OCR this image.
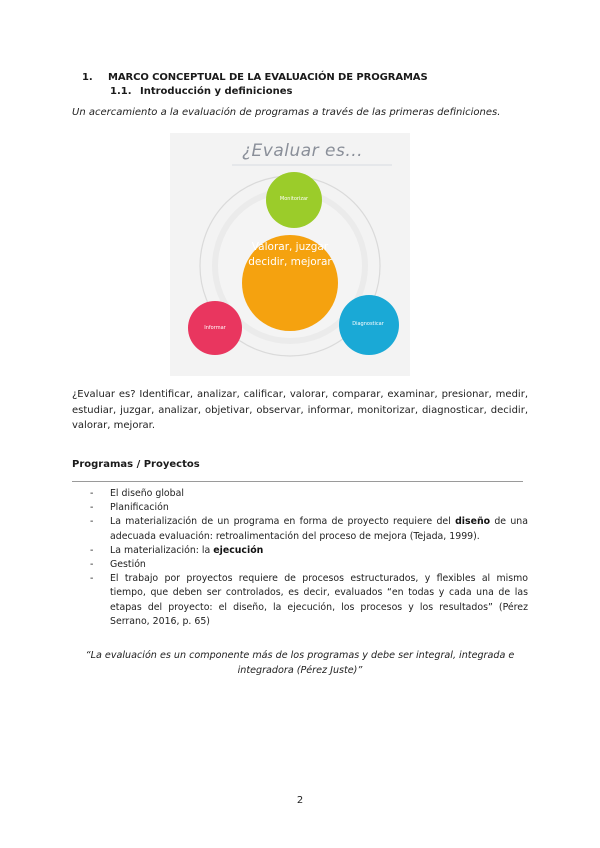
1. MARCO CONCEPTUAL DE LA EVALUACIÓN DE PROGRAMAS
1.1. Introducción y definiciones
Un acercamiento a la evaluación de programas a través de las primeras definiciones.
¿Evaluar es...
Valorar, juzgar decidir, mejorar
Monitorizar
Informar
Diagnosticar
¿Evaluar es? Identificar, analizar, calificar, valorar, comparar, examinar, presionar, medir, estudiar, juzgar, analizar, objetivar, observar, informar, monitorizar, diagnosticar, decidir, valorar, mejorar.
Programas / Proyectos
- El diseño global
- Planificación
- La materialización de un programa en forma de proyecto requiere del diseño de una adecuada evaluación: retroalimentación del proceso de mejora (Tejada, 1999).
- La materialización: la ejecución
- Gestión
- El trabajo por proyectos requiere de procesos estructurados, y flexibles al mismo tiempo, que deben ser controlados, es decir, evaluados “en todas y cada una de las etapas del proyecto: el diseño, la ejecución, los procesos y los resultados” (Pérez Serrano, 2016, p. 65)
“La evaluación es un componente más de los programas y debe ser integral, integrada e integradora (Pérez Juste)”
2
